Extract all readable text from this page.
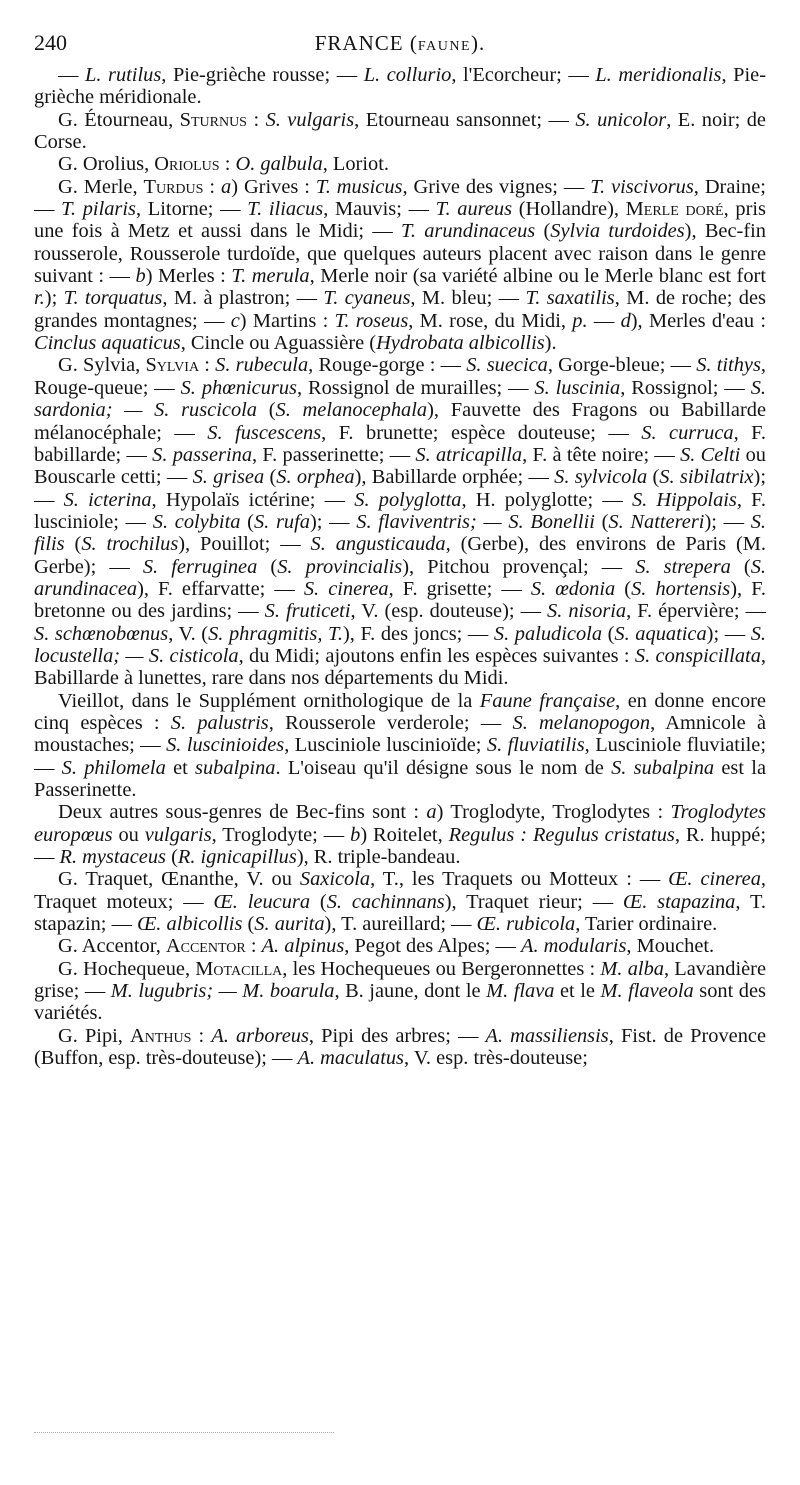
240	FRANCE (FAUNE).

— L. rutilus, Pie-grièche rousse; — L. collurio, l'Ecorcheur; — L. meridionalis, Pie-grièche méridionale.

G. Étourneau, Sturnus : S. vulgaris, Etourneau sansonnet; — S. unicolor, E. noir; de Corse.

G. Orolius, Oriolus : O. galbula, Loriot.

G. Merle, Turdus : a) Grives : T. musicus, Grive des vignes; — T. viscivorus, Draine; — T. pilaris, Litorne; — T. iliacus, Mauvis; — T. aureus (Hollandre), Merle doré, pris une fois à Metz et aussi dans le Midi; — T. arundinaceus (Sylvia turdoides), Bec-fin rousserole, Rousserole turdoïde, que quelques auteurs placent avec raison dans le genre suivant : — b) Merles : T. merula, Merle noir (sa variété albine ou le Merle blanc est fort r.); T. torquatus, M. à plastron; — T. cyaneus, M. bleu; — T. saxatilis, M. de roche; des grandes montagnes; — c) Martins : T. roseus, M. rose, du Midi, p. — d), Merles d'eau : Cinclus aquaticus, Cincle ou Aguassière (Hydrobata albicollis).

G. Sylvia, Sylvia : S. rubecula, Rouge-gorge : — S. suecica, Gorge-bleue; — S. tithys, Rouge-queue; — S. phœnicurus, Rossignol de murailles; — S. luscinia, Rossignol; — S. sardonia; — S. ruscicola (S. melanocephala), Fauvette des Fragons ou Babillarde mélanocéphale; — S. fuscescens, F. brunette; espèce douteuse; — S. curruca, F. babillarde; — S. passerina, F. passerinette; — S. atricapilla, F. à tête noire; — S. Celti ou Bouscarle cetti; — S. grisea (S. orphea), Babillarde orphée; — S. sylvicola (S. sibilatrix); — S. icterina, Hypolaïs ictérine; — S. polyglotta, H. polyglotte; — S. Hippolais, F. lusciniole; — S. colybita (S. rufa); — S. flaviventris; — S. Bonellii (S. Nattereri); — S. filis (S. trochilus), Pouillot; — S. angusticauda, (Gerbe), des environs de Paris (M. Gerbe); — S. ferruginea (S. provincialis), Pitchou provençal; — S. strepera (S. arundinacea), F. effarvatte; — S. cinerea, F. grisette; — S. œdonia (S. hortensis), F. bretonne ou des jardins; — S. fruticeti, V. (esp. douteuse); — S. nisoria, F. épervière; — S. schœnobœnus, V. (S. phragmitis, T.), F. des joncs; — S. paludicola (S. aquatica); — S. locustella; — S. cisticola, du Midi; ajoutons enfin les espèces suivantes : S. conspicillata, Babillarde à lunettes, rare dans nos départements du Midi.

Vieillot, dans le Supplément ornithologique de la Faune française, en donne encore cinq espèces : S. palustris, Rousserole verderole; — S. melanopogon, Amnicole à moustaches; — S. luscinioides, Lusciniole luscinioïde; S. fluviatilis, Lusciniole fluviatile; — S. philomela et subalpina. L'oiseau qu'il désigne sous le nom de S. subalpina est la Passerinette.

Deux autres sous-genres de Bec-fins sont : a) Troglodyte, Troglodytes : Troglodytes europœus ou vulgaris, Troglodyte; — b) Roitelet, Regulus : Regulus cristatus, R. huppé; — R. mystaceus (R. ignicapillus), R. triple-bandeau.

G. Traquet, Œnanthe, V. ou Saxicola, T., les Traquets ou Motteux : — Œ. cinerea, Traquet moteux; — Œ. leucura (S. cachinnans), Traquet rieur; — Œ. stapazina, T. stapazin; — Œ. albicollis (S. aurita), T. aureillard; — Œ. rubicola, Tarier ordinaire.

G. Accentor, Accentor : A. alpinus, Pegot des Alpes; — A. modularis, Mouchet.

G. Hochequeue, Motacilla, les Hochequeues ou Bergeronnettes : M. alba, Lavandière grise; — M. lugubris; — M. boarula, B. jaune, dont le M. flava et le M. flaveola sont des variétés.

G. Pipi, Anthus : A. arboreus, Pipi des arbres; — A. massiliensis, Fist. de Provence (Buffon, esp. très-douteuse); — A. maculatus, V. esp. très-douteuse;
